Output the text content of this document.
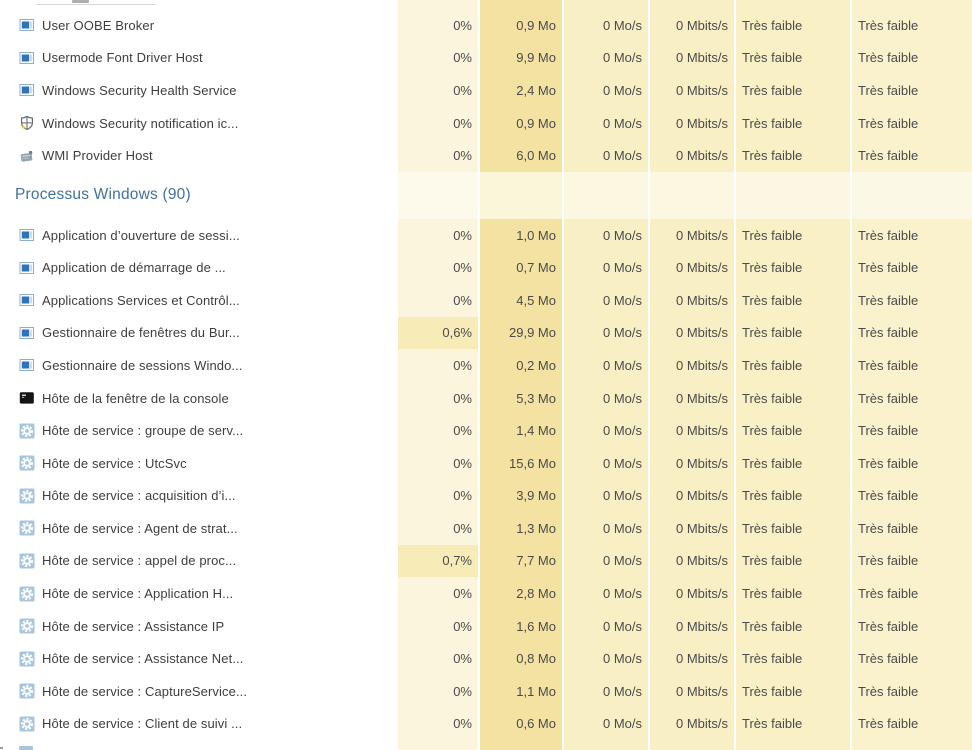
User OOBE Broker	0%	0,9 Mo	0 Mo/s	0 Mbits/s	Très faible	Très faible
Usermode Font Driver Host	0%	9,9 Mo	0 Mo/s	0 Mbits/s	Très faible	Très faible
Windows Security Health Service	0%	2,4 Mo	0 Mo/s	0 Mbits/s	Très faible	Très faible
Windows Security notification ic...	0%	0,9 Mo	0 Mo/s	0 Mbits/s	Très faible	Très faible
WMI Provider Host	0%	6,0 Mo	0 Mo/s	0 Mbits/s	Très faible	Très faible
Processus Windows (90)
Application d’ouverture de sessi...	0%	1,0 Mo	0 Mo/s	0 Mbits/s	Très faible	Très faible
Application de démarrage de ...	0%	0,7 Mo	0 Mo/s	0 Mbits/s	Très faible	Très faible
Applications Services et Contrôl...	0%	4,5 Mo	0 Mo/s	0 Mbits/s	Très faible	Très faible
Gestionnaire de fenêtres du Bur...	0,6%	29,9 Mo	0 Mo/s	0 Mbits/s	Très faible	Très faible
Gestionnaire de sessions Windo...	0%	0,2 Mo	0 Mo/s	0 Mbits/s	Très faible	Très faible
Hôte de la fenêtre de la console	0%	5,3 Mo	0 Mo/s	0 Mbits/s	Très faible	Très faible
Hôte de service : groupe de serv...	0%	1,4 Mo	0 Mo/s	0 Mbits/s	Très faible	Très faible
Hôte de service : UtcSvc	0%	15,6 Mo	0 Mo/s	0 Mbits/s	Très faible	Très faible
Hôte de service : acquisition d’i...	0%	3,9 Mo	0 Mo/s	0 Mbits/s	Très faible	Très faible
Hôte de service : Agent de strat...	0%	1,3 Mo	0 Mo/s	0 Mbits/s	Très faible	Très faible
Hôte de service : appel de proc...	0,7%	7,7 Mo	0 Mo/s	0 Mbits/s	Très faible	Très faible
Hôte de service : Application H...	0%	2,8 Mo	0 Mo/s	0 Mbits/s	Très faible	Très faible
Hôte de service : Assistance IP	0%	1,6 Mo	0 Mo/s	0 Mbits/s	Très faible	Très faible
Hôte de service : Assistance Net...	0%	0,8 Mo	0 Mo/s	0 Mbits/s	Très faible	Très faible
Hôte de service : CaptureService...	0%	1,1 Mo	0 Mo/s	0 Mbits/s	Très faible	Très faible
Hôte de service : Client de suivi ...	0%	0,6 Mo	0 Mo/s	0 Mbits/s	Très faible	Très faible
